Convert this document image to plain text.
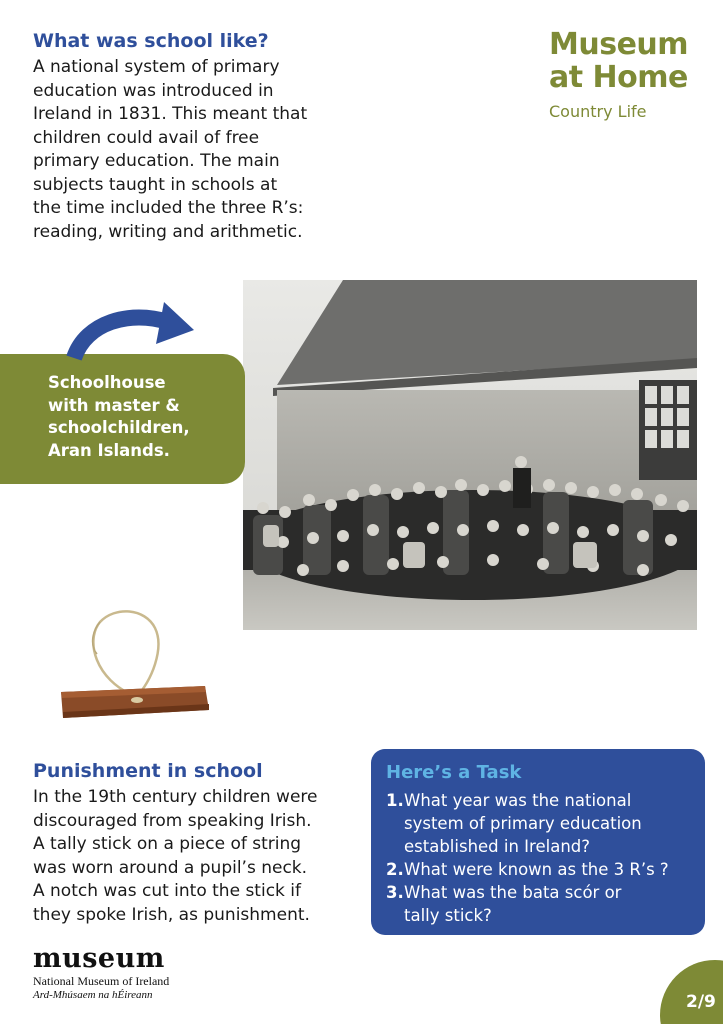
What was school like?
A national system of primary
education was introduced in
Ireland in 1831. This meant that
children could avail of free
primary education. The main
subjects taught in schools at
the time included the three R’s:
reading, writing and arithmetic.
Museum
at Home
Country Life
Schoolhouse
with master &
schoolchildren,
Aran Islands.
Punishment in school
In the 19th century children were
discouraged from speaking Irish.
A tally stick on a piece of string
was worn around a pupil’s neck.
A notch was cut into the stick if
they spoke Irish, as punishment.
Here’s a Task
1. What year was the national
system of primary education
established in Ireland?
2. What were known as the 3 R’s ?
3. What was the bata scór or
tally stick?
museum
National Museum of Ireland
Ard-Mhúsaem na hÉireann	2/9
